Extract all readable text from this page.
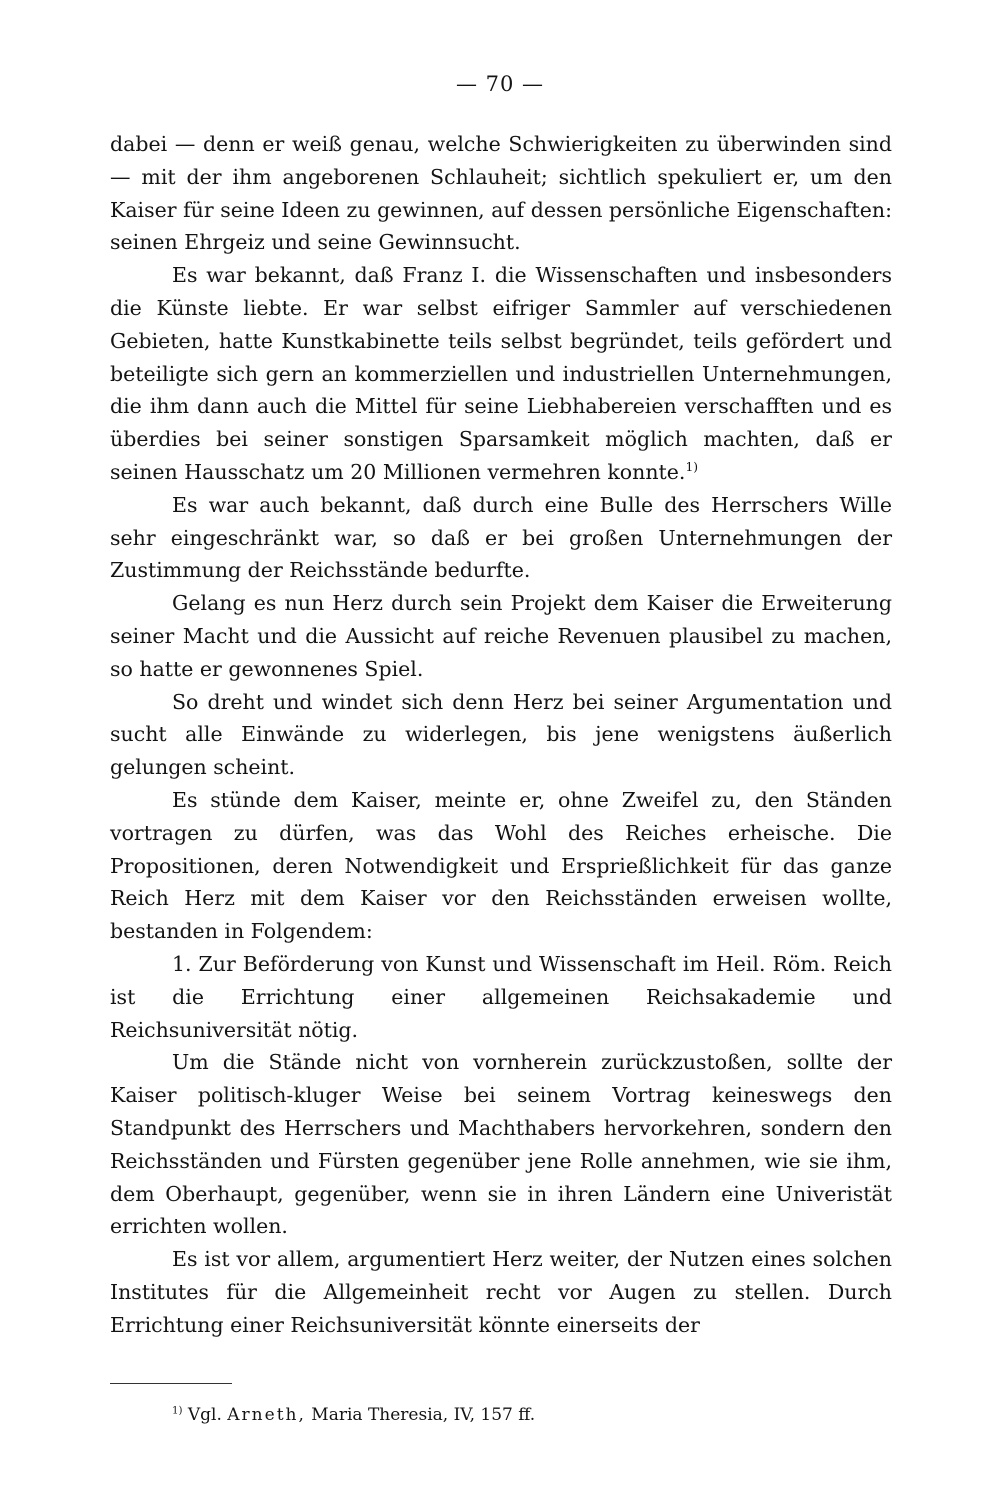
— 70 —

dabei — denn er weiß genau, welche Schwierigkeiten zu überwinden sind — mit der ihm angeborenen Schlauheit; sichtlich spekuliert er, um den Kaiser für seine Ideen zu gewinnen, auf dessen persönliche Eigenschaften: seinen Ehrgeiz und seine Gewinnsucht.

Es war bekannt, daß Franz I. die Wissenschaften und insbesonders die Künste liebte. Er war selbst eifriger Sammler auf verschiedenen Gebieten, hatte Kunstkabinette teils selbst begründet, teils gefördert und beteiligte sich gern an kommerziellen und industriellen Unternehmungen, die ihm dann auch die Mittel für seine Liebhabereien verschafften und es überdies bei seiner sonstigen Sparsamkeit möglich machten, daß er seinen Hausschatz um 20 Millionen vermehren konnte.$^{1)}$

Es war auch bekannt, daß durch eine Bulle des Herrschers Wille sehr eingeschränkt war, so daß er bei großen Unternehmungen der Zustimmung der Reichsstände bedurfte.

Gelang es nun Herz durch sein Projekt dem Kaiser die Erweiterung seiner Macht und die Aussicht auf reiche Revenuen plausibel zu machen, so hatte er gewonnenes Spiel.

So dreht und windet sich denn Herz bei seiner Argumentation und sucht alle Einwände zu widerlegen, bis jene wenigstens äußerlich gelungen scheint.

Es stünde dem Kaiser, meinte er, ohne Zweifel zu, den Ständen vortragen zu dürfen, was das Wohl des Reiches erheische. Die Propositionen, deren Notwendigkeit und Ersprießlichkeit für das ganze Reich Herz mit dem Kaiser vor den Reichsständen erweisen wollte, bestanden in Folgendem:

1. Zur Beförderung von Kunst und Wissenschaft im Heil. Röm. Reich ist die Errichtung einer allgemeinen Reichsakademie und Reichsuniversität nötig.

Um die Stände nicht von vornherein zurückzustoßen, sollte der Kaiser politisch-kluger Weise bei seinem Vortrag keineswegs den Standpunkt des Herrschers und Machthabers hervorkehren, sondern den Reichsständen und Fürsten gegenüber jene Rolle annehmen, wie sie ihm, dem Oberhaupt, gegenüber, wenn sie in ihren Ländern eine Univeristät errichten wollen.

Es ist vor allem, argumentiert Herz weiter, der Nutzen eines solchen Institutes für die Allgemeinheit recht vor Augen zu stellen. Durch Errichtung einer Reichsuniversität könnte einerseits der

$^{1)}$ Vgl. Arneth, Maria Theresia, IV, 157 ff.
